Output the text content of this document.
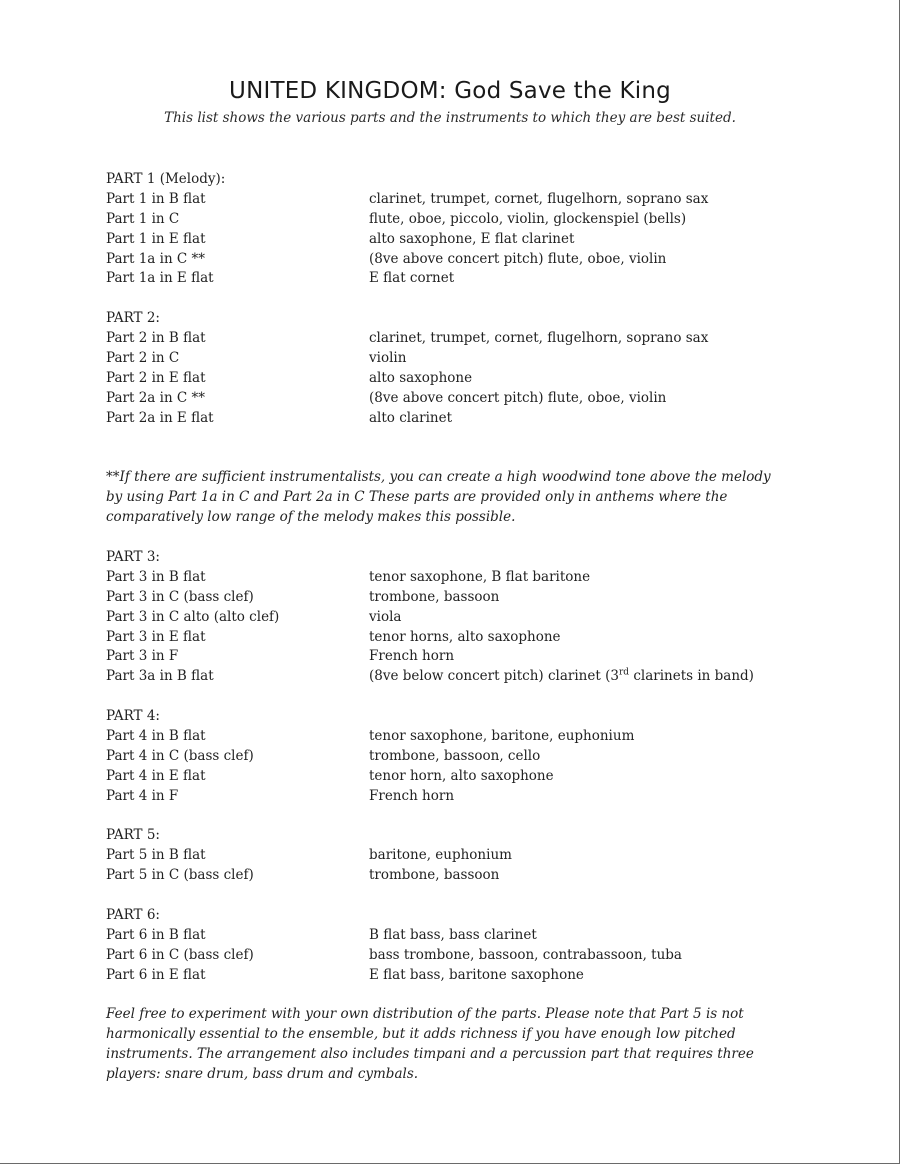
UNITED KINGDOM: God Save the King
This list shows the various parts and the instruments to which they are best suited.
PART 1 (Melody):
Part 1 in B flat	clarinet, trumpet, cornet, flugelhorn, soprano sax
Part 1 in C	flute, oboe, piccolo, violin, glockenspiel (bells)
Part 1 in E flat	alto saxophone, E flat clarinet
Part 1a in C **	(8ve above concert pitch) flute, oboe, violin
Part 1a in E flat	E flat cornet
PART 2:
Part 2 in B flat	clarinet, trumpet, cornet, flugelhorn, soprano sax
Part 2 in C	violin
Part 2 in E flat	alto saxophone
Part 2a in C **	(8ve above concert pitch) flute, oboe, violin
Part 2a in E flat	alto clarinet
**If there are sufficient instrumentalists, you can create a high woodwind tone above the melody by using Part 1a in C and Part 2a in C These parts are provided only in anthems where the comparatively low range of the melody makes this possible.
PART 3:
Part 3 in B flat	tenor saxophone, B flat baritone
Part 3 in C (bass clef)	trombone, bassoon
Part 3 in C alto (alto clef)	viola
Part 3 in E flat	tenor horns, alto saxophone
Part 3 in F	French horn
Part 3a in B flat	(8ve below concert pitch) clarinet (3rd clarinets in band)
PART 4:
Part 4 in B flat	tenor saxophone, baritone, euphonium
Part 4 in C (bass clef)	trombone, bassoon, cello
Part 4 in E flat	tenor horn, alto saxophone
Part 4 in F	French horn
PART 5:
Part 5 in B flat	baritone, euphonium
Part 5 in C (bass clef)	trombone, bassoon
PART 6:
Part 6 in B flat	B flat bass, bass clarinet
Part 6 in C (bass clef)	bass trombone, bassoon, contrabassoon, tuba
Part 6 in E flat	E flat bass, baritone saxophone
Feel free to experiment with your own distribution of the parts. Please note that Part 5 is not harmonically essential to the ensemble, but it adds richness if you have enough low pitched instruments. The arrangement also includes timpani and a percussion part that requires three players: snare drum, bass drum and cymbals.
